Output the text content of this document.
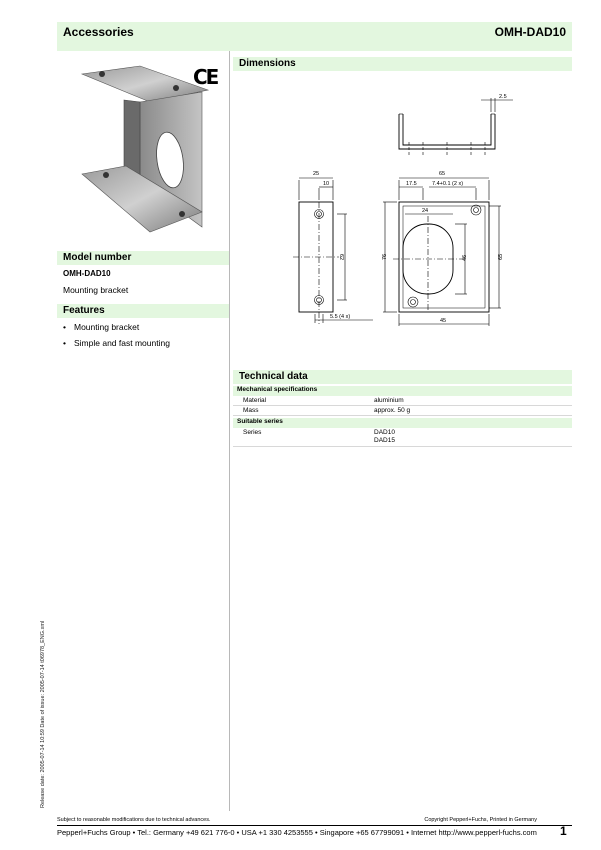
Accessories	OMH-DAD10
CE
Dimensions
2.5
25
10
62
5.5 (4 x)
65
17.5	7.4+0.1 (2 x)
24
76	46	65
45
Model number
OMH-DAD10
Mounting bracket
Features
• Mounting bracket
• Simple and fast mounting
Technical data
Mechanical specifications
Material	aluminium
Mass	approx. 50 g
Suitable series
Series	DAD10
DAD15
Release date: 2005-07-14 10:59 Date of issue: 2005-07-14 t06978_ENG.xml
Subject to reasonable modifications due to technical advances.	Copyright Pepperl+Fuchs, Printed in Germany
Pepperl+Fuchs Group • Tel.: Germany +49 621 776-0 • USA +1 330 4253555 • Singapore +65 67799091 • Internet http://www.pepperl-fuchs.com 1
